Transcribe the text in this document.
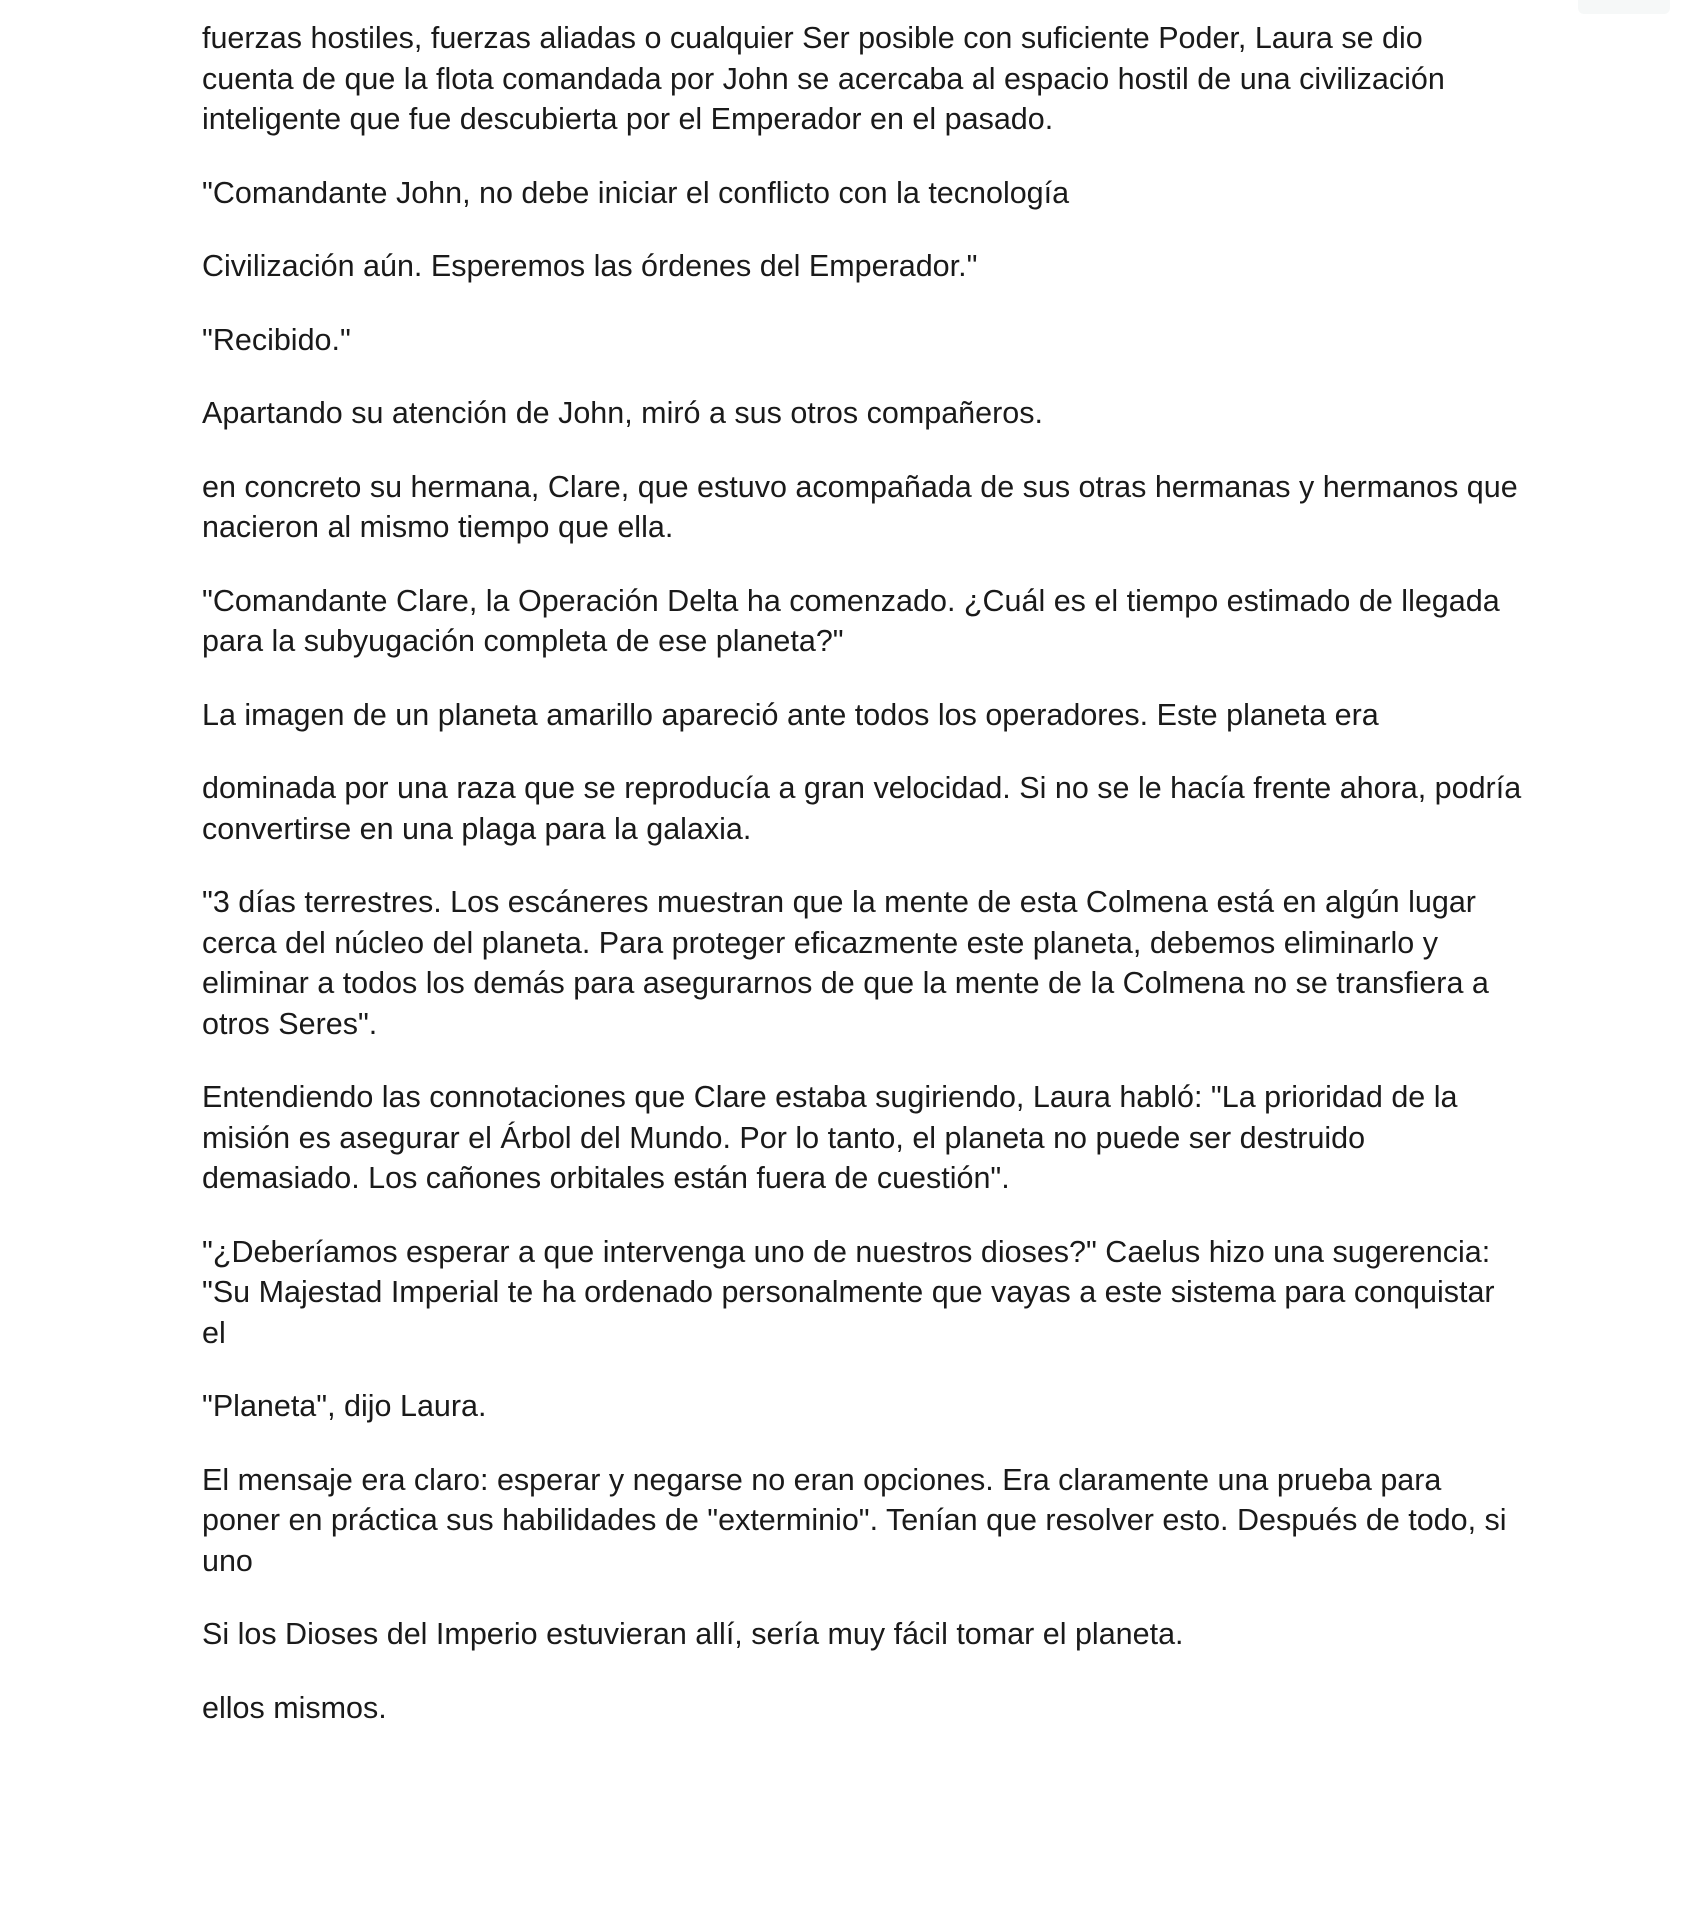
fuerzas hostiles, fuerzas aliadas o cualquier Ser posible con suficiente Poder, Laura se dio cuenta de que la flota comandada por John se acercaba al espacio hostil de una civilización inteligente que fue descubierta por el Emperador en el pasado.

"Comandante John, no debe iniciar el conflicto con la tecnología

Civilización aún. Esperemos las órdenes del Emperador."

"Recibido."

Apartando su atención de John, miró a sus otros compañeros.

en concreto su hermana, Clare, que estuvo acompañada de sus otras hermanas y hermanos que nacieron al mismo tiempo que ella.

"Comandante Clare, la Operación Delta ha comenzado. ¿Cuál es el tiempo estimado de llegada para la subyugación completa de ese planeta?"

La imagen de un planeta amarillo apareció ante todos los operadores. Este planeta era

dominada por una raza que se reproducía a gran velocidad. Si no se le hacía frente ahora, podría convertirse en una plaga para la galaxia.

"3 días terrestres. Los escáneres muestran que la mente de esta Colmena está en algún lugar cerca del núcleo del planeta. Para proteger eficazmente este planeta, debemos eliminarlo y eliminar a todos los demás para asegurarnos de que la mente de la Colmena no se transfiera a otros Seres".

Entendiendo las connotaciones que Clare estaba sugiriendo, Laura habló: "La prioridad de la misión es asegurar el Árbol del Mundo. Por lo tanto, el planeta no puede ser destruido demasiado. Los cañones orbitales están fuera de cuestión".

"¿Deberíamos esperar a que intervenga uno de nuestros dioses?" Caelus hizo una sugerencia: "Su Majestad Imperial te ha ordenado personalmente que vayas a este sistema para conquistar el

"Planeta", dijo Laura.

El mensaje era claro: esperar y negarse no eran opciones. Era claramente una prueba para poner en práctica sus habilidades de "exterminio". Tenían que resolver esto. Después de todo, si uno

Si los Dioses del Imperio estuvieran allí, sería muy fácil tomar el planeta.

ellos mismos.
